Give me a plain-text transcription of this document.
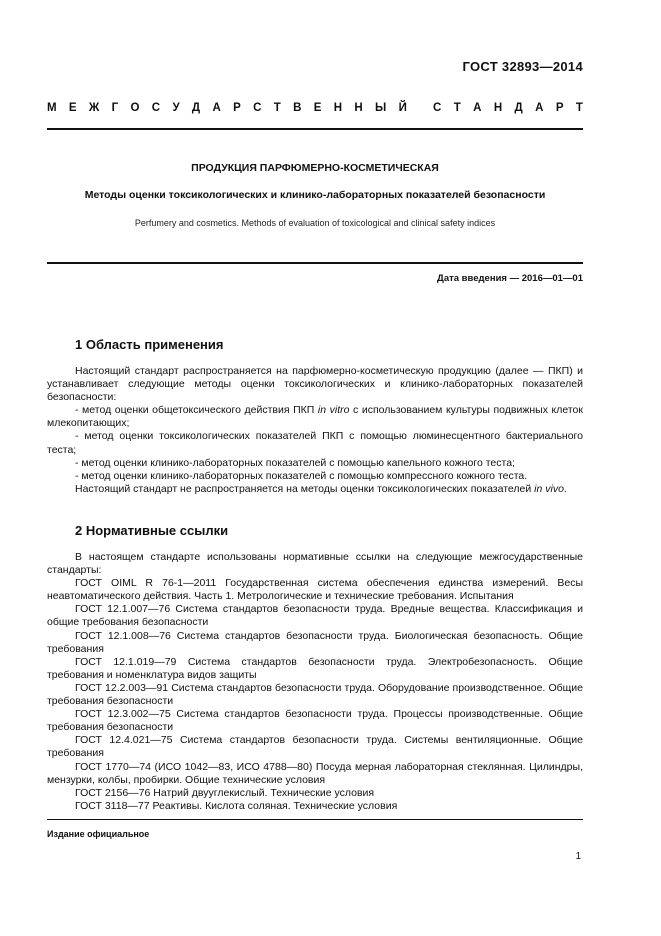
ГОСТ 32893—2014
М Е Ж Г О С У Д А Р С Т В Е Н Н Ы Й С Т А Н Д А Р Т
ПРОДУКЦИЯ ПАРФЮМЕРНО-КОСМЕТИЧЕСКАЯ
Методы оценки токсикологических и клинико-лабораторных показателей безопасности
Perfumery and cosmetics. Methods of evaluation of toxicological and clinical safety indices
Дата введения — 2016—01—01
1 Область применения

Настоящий стандарт распространяется на парфюмерно-косметическую продукцию (далее — ПКП) и устанавливает следующие методы оценки токсикологических и клинико-лабораторных показателей безопасности:

- метод оценки общетоксического действия ПКП in vitro с использованием культуры подвижных клеток млекопитающих;

- метод оценки токсикологических показателей ПКП с помощью люминесцентного бактериального теста;

- метод оценки клинико-лабораторных показателей с помощью капельного кожного теста;

- метод оценки клинико-лабораторных показателей с помощью компрессного кожного теста.

Настоящий стандарт не распространяется на методы оценки токсикологических показателей in vivo.

2 Нормативные ссылки

В настоящем стандарте использованы нормативные ссылки на следующие межгосударственные стандарты:

ГОСТ OIML R 76-1—2011 Государственная система обеспечения единства измерений. Весы неавтоматического действия. Часть 1. Метрологические и технические требования. Испытания

ГОСТ 12.1.007—76 Система стандартов безопасности труда. Вредные вещества. Классификация и общие требования безопасности

ГОСТ 12.1.008—76 Система стандартов безопасности труда. Биологическая безопасность. Общие требования

ГОСТ 12.1.019—79 Система стандартов безопасности труда. Электробезопасность. Общие требования и номенклатура видов защиты

ГОСТ 12.2.003—91 Система стандартов безопасности труда. Оборудование производственное. Общие требования безопасности

ГОСТ 12.3.002—75 Система стандартов безопасности труда. Процессы производственные. Общие требования безопасности

ГОСТ 12.4.021—75 Система стандартов безопасности труда. Системы вентиляционные. Общие требования

ГОСТ 1770—74 (ИСО 1042—83, ИСО 4788—80) Посуда мерная лабораторная стеклянная. Цилиндры, мензурки, колбы, пробирки. Общие технические условия

ГОСТ 2156—76 Натрий двууглекислый. Технические условия

ГОСТ 3118—77 Реактивы. Кислота соляная. Технические условия

Издание официальное
1
